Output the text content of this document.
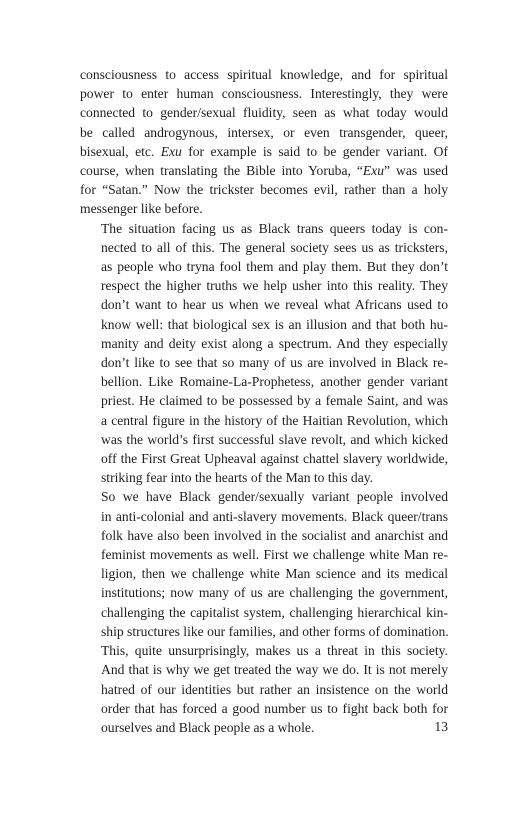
consciousness to access spiritual knowledge, and for spiritual
power to enter human consciousness. Interestingly, they were
connected to gender/sexual fluidity, seen as what today would
be called androgynous, intersex, or even transgender, queer,
bisexual, etc. Exu for example is said to be gender variant. Of
course, when translating the Bible into Yoruba, “Exu” was used
for “Satan.” Now the trickster becomes evil, rather than a holy
messenger like before.

The situation facing us as Black trans queers today is con-
nected to all of this. The general society sees us as tricksters,
as people who tryna fool them and play them. But they don’t
respect the higher truths we help usher into this reality. They
don’t want to hear us when we reveal what Africans used to
know well: that biological sex is an illusion and that both hu-
manity and deity exist along a spectrum. And they especially
don’t like to see that so many of us are involved in Black re-
bellion. Like Romaine-La-Prophetess, another gender variant
priest. He claimed to be possessed by a female Saint, and was
a central figure in the history of the Haitian Revolution, which
was the world’s first successful slave revolt, and which kicked
off the First Great Upheaval against chattel slavery worldwide,
striking fear into the hearts of the Man to this day.

So we have Black gender/sexually variant people involved
in anti-colonial and anti-slavery movements. Black queer/trans
folk have also been involved in the socialist and anarchist and
feminist movements as well. First we challenge white Man re-
ligion, then we challenge white Man science and its medical
institutions; now many of us are challenging the government,
challenging the capitalist system, challenging hierarchical kin-
ship structures like our families, and other forms of domination.
This, quite unsurprisingly, makes us a threat in this society.
And that is why we get treated the way we do. It is not merely
hatred of our identities but rather an insistence on the world
order that has forced a good number us to fight back both for
ourselves and Black people as a whole.	13
